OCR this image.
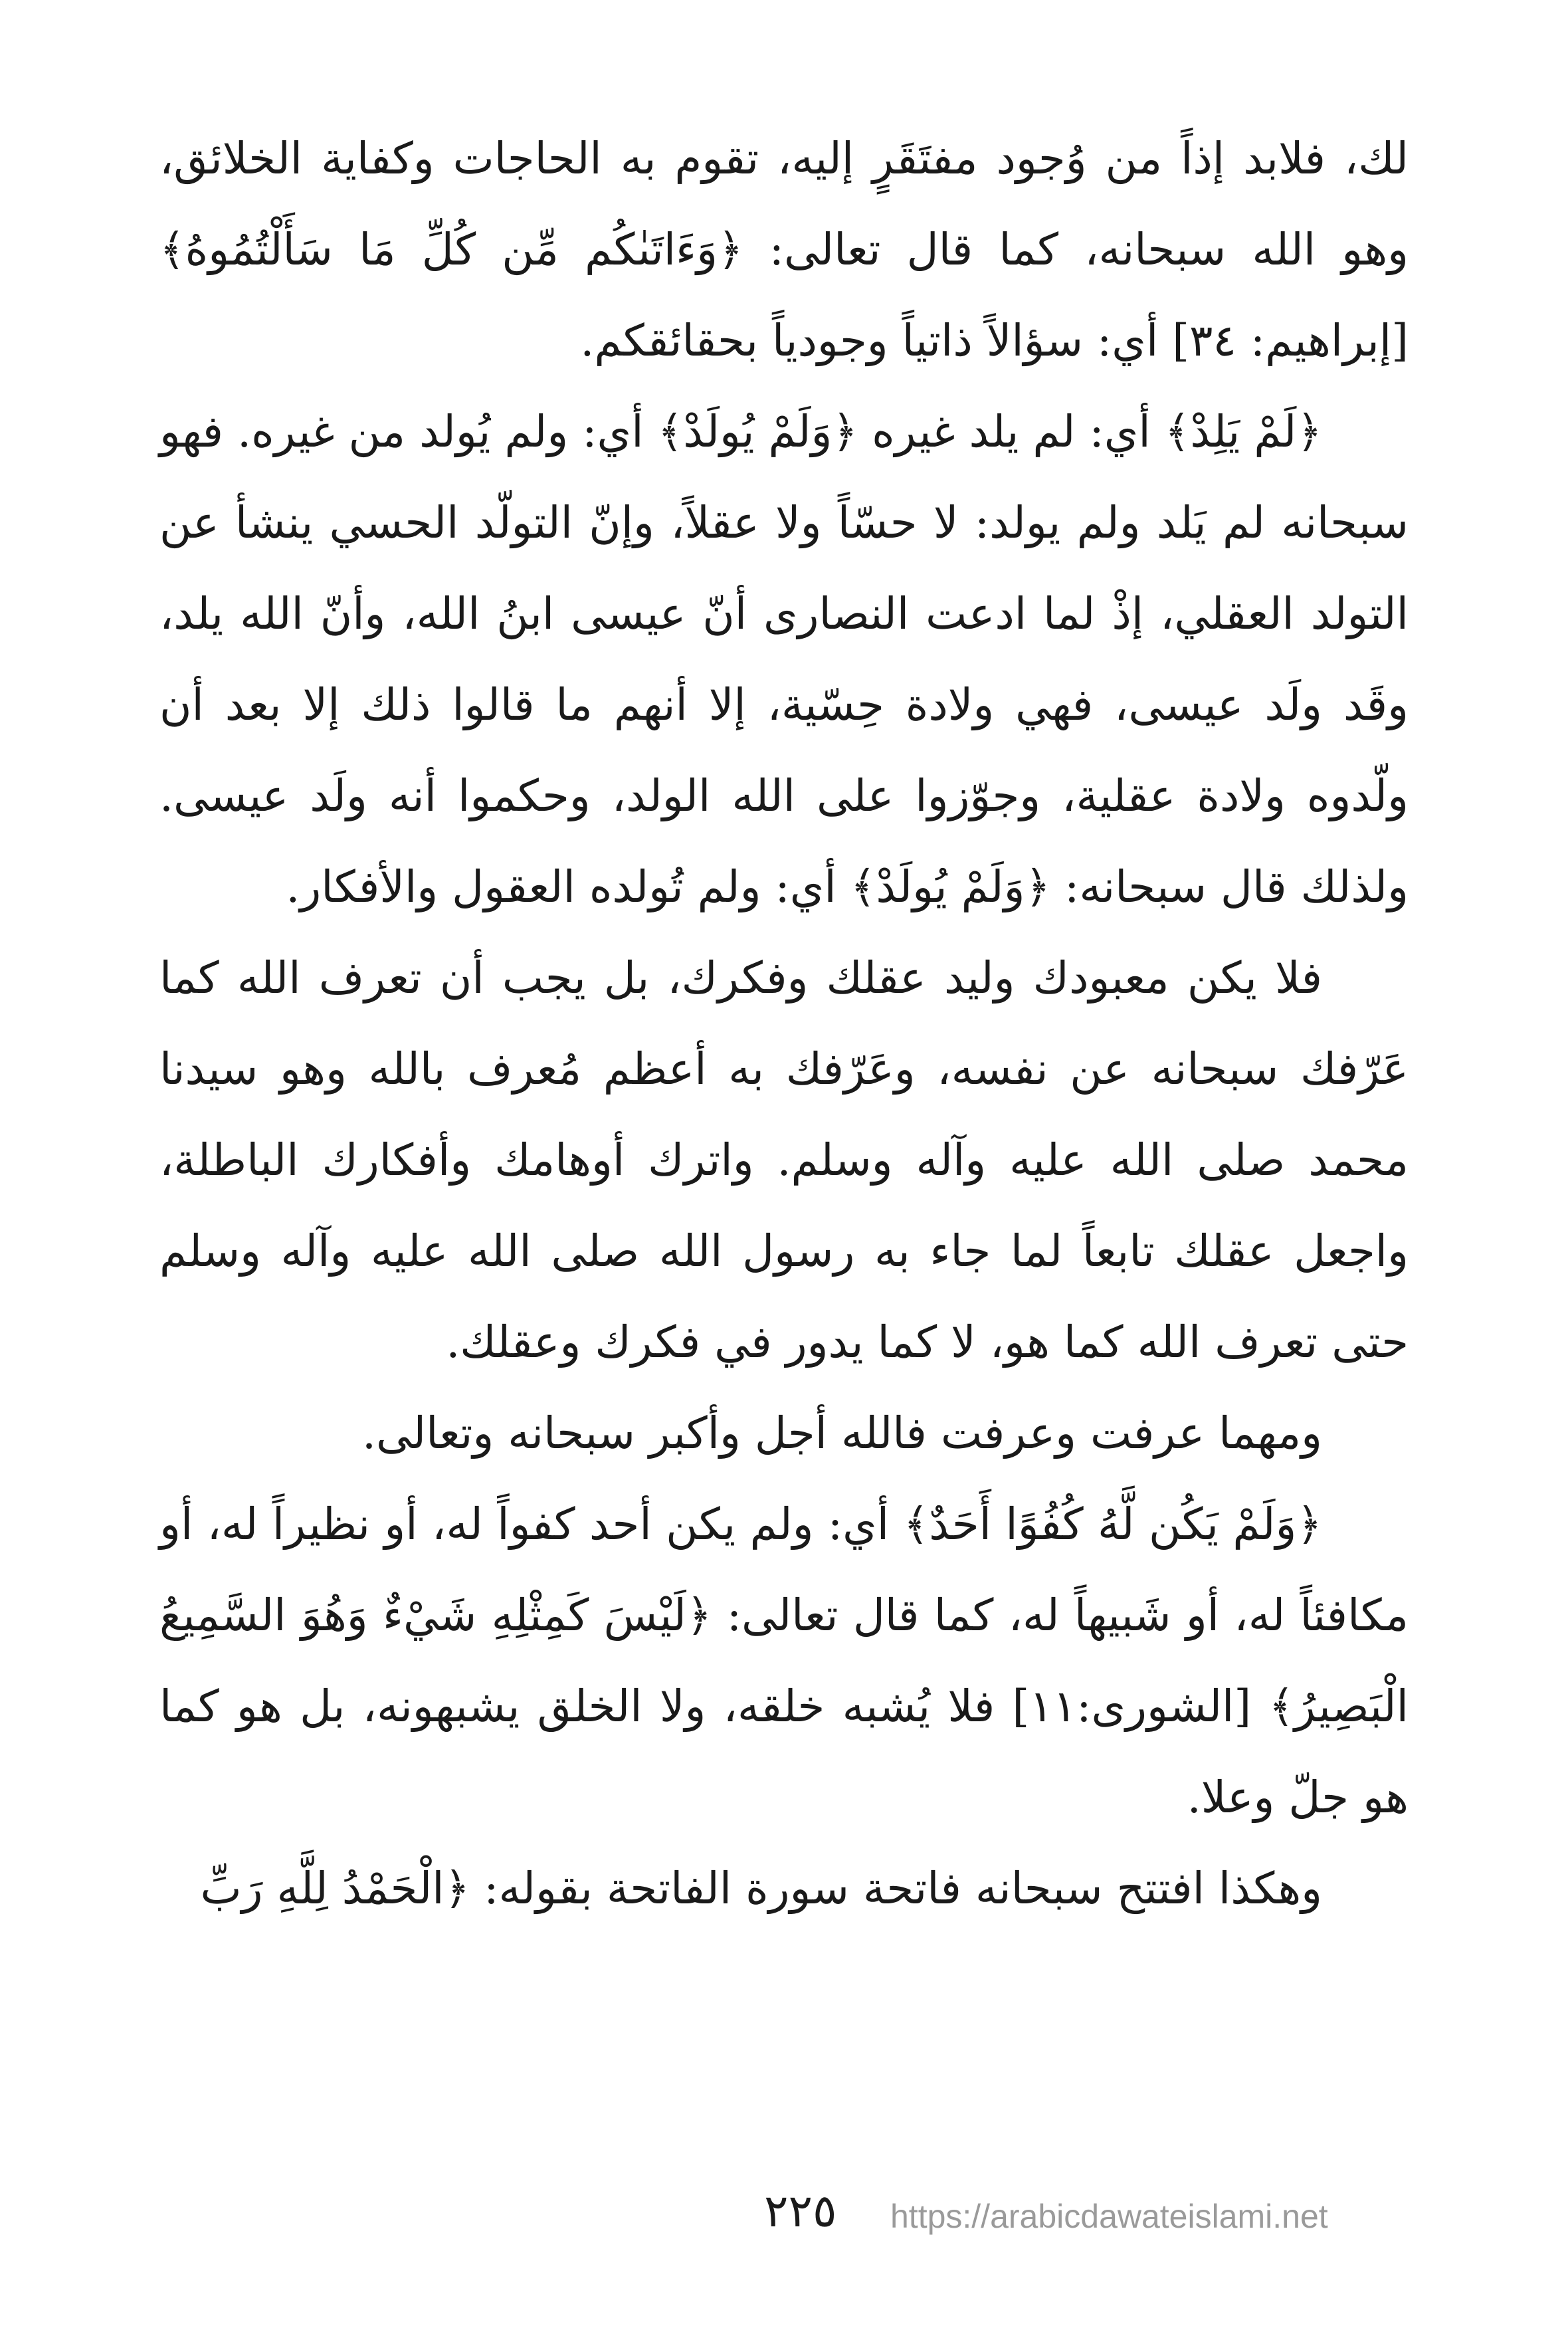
لك، فلابد إذاً من وُجود مفتَقَرٍ إليه، تقوم به الحاجات وكفاية الخلائق، وهو الله سبحانه، كما قال تعالى: ﴿وَءَاتَىٰكُم مِّن كُلِّ مَا سَأَلْتُمُوهُ﴾ [إبراهيم: ٣٤] أي: سؤالاً ذاتياً وجودياً بحقائقكم.

﴿لَمْ يَلِدْ﴾ أي: لم يلد غيره ﴿وَلَمْ يُولَدْ﴾ أي: ولم يُولد من غيره. فهو سبحانه لم يَلد ولم يولد: لا حسّاً ولا عقلاً، وإنّ التولّد الحسي ينشأ عن التولد العقلي، إذْ لما ادعت النصارى أنّ عيسى ابنُ الله، وأنّ الله يلد، وقَد ولَد عيسى، فهي ولادة حِسّية، إلا أنهم ما قالوا ذلك إلا بعد أن ولّدوه ولادة عقلية، وجوّزوا على الله الولد، وحكموا أنه ولَد عيسى. ولذلك قال سبحانه: ﴿وَلَمْ يُولَدْ﴾ أي: ولم تُولده العقول والأفكار.

فلا يكن معبودك وليد عقلك وفكرك، بل يجب أن تعرف الله كما عَرّفك سبحانه عن نفسه، وعَرّفك به أعظم مُعرف بالله وهو سيدنا محمد صلى الله عليه وآله وسلم. واترك أوهامك وأفكارك الباطلة، واجعل عقلك تابعاً لما جاء به رسول الله صلى الله عليه وآله وسلم حتى تعرف الله كما هو، لا كما يدور في فكرك وعقلك.

ومهما عرفت وعرفت فالله أجل وأكبر سبحانه وتعالى.

﴿وَلَمْ يَكُن لَّهُ كُفُوًا أَحَدٌ﴾ أي: ولم يكن أحد كفواً له، أو نظيراً له، أو مكافئاً له، أو شَبيهاً له، كما قال تعالى: ﴿لَيْسَ كَمِثْلِهِ شَيْءٌ وَهُوَ السَّمِيعُ الْبَصِيرُ﴾ [الشورى:١١] فلا يُشبه خلقه، ولا الخلق يشبهونه، بل هو كما هو جلّ وعلا.

وهكذا افتتح سبحانه فاتحة سورة الفاتحة بقوله: ﴿الْحَمْدُ لِلَّهِ رَبِّ

٢٢٥ https://arabicdawateislami.net
